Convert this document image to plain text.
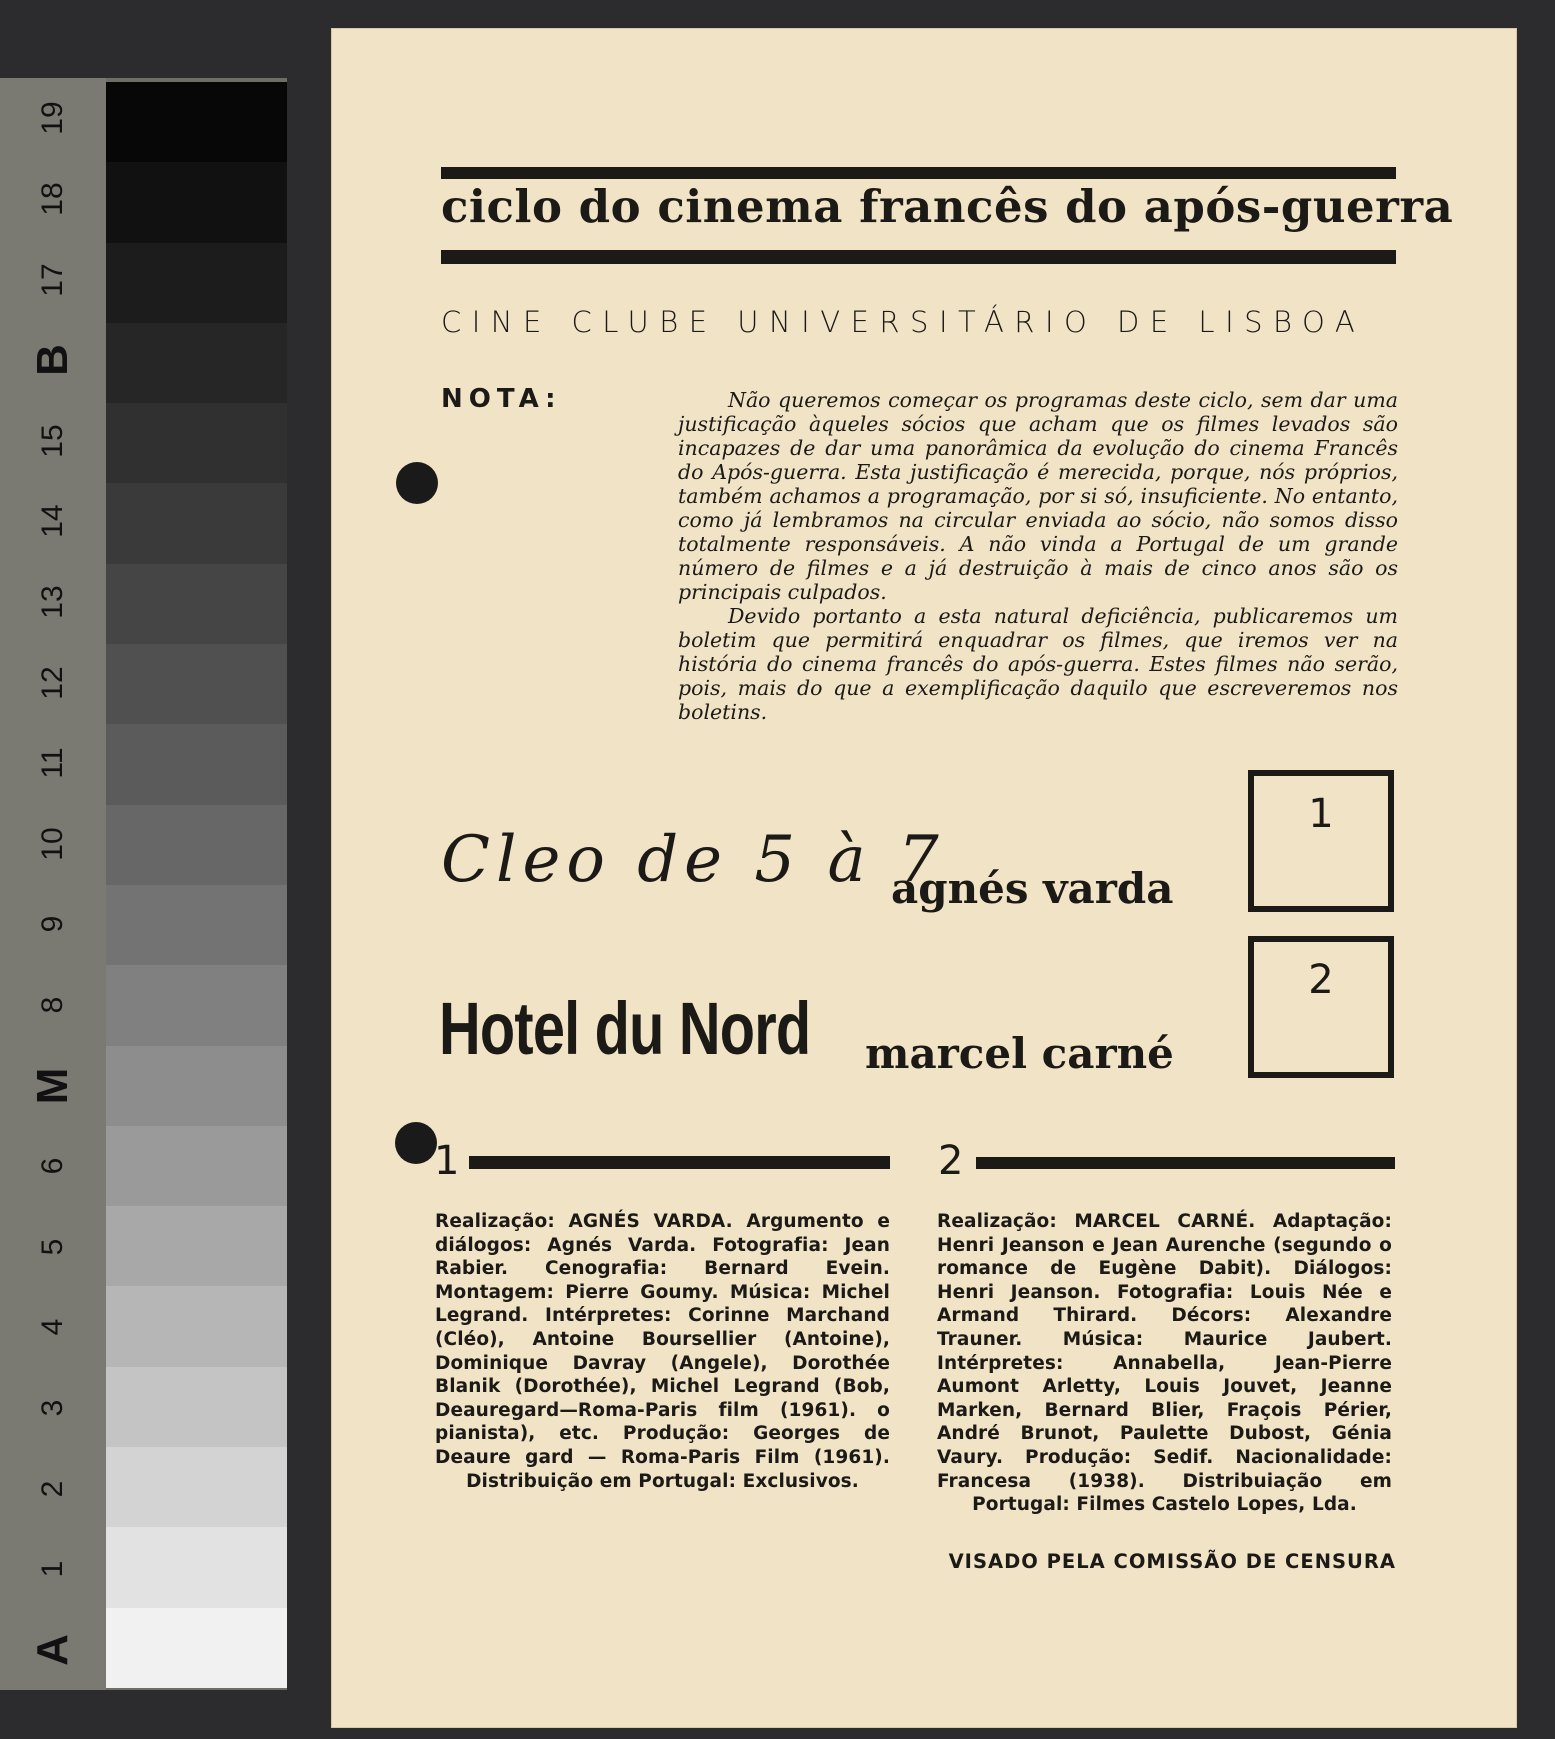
A
1
2
3
4
5
6
M
8
9
10
11
12
13
14
15
B
17
18
19
ciclo do cinema francês do após-guerra
CINE CLUBE UNIVERSITÁRIO DE LISBOA
NOTA:	Não queremos começar os programas deste ciclo, sem dar uma justificação àqueles sócios que acham que os filmes levados são incapazes de dar uma panorâmica da evolução do cinema Francês do Após-guerra. Esta justificação é merecida, porque, nós próprios, também achamos a programação, por si só, insuficiente. No entanto, como já lembramos na circular enviada ao sócio, não somos disso totalmente responsáveis. A não vinda a Portugal de um grande número de filmes e a já destruição à mais de cinco anos são os principais culpados.

Devido portanto a esta natural deficiência, publicaremos um boletim que permitirá enquadrar os filmes, que iremos ver na história do cinema francês do após-guerra. Estes filmes não serão, pois, mais do que a exemplificação daquilo que escreveremos nos boletins.

Cleo de 5 à 7
agnés varda
1
Hotel du Nord marcel carné
2
1
Realização: AGNÉS VARDA. Argumento e diálogos: Agnés Varda. Fotografia: Jean Rabier. Cenografia: Bernard Evein. Montagem: Pierre Goumy. Música: Michel Legrand. Intérpretes: Corinne Marchand (Cléo), Antoine Boursellier (Antoine), Dominique Davray (Angele), Dorothée Blanik (Dorothée), Michel Legrand (Bob, Deauregard—Roma-Paris film (1961). o pianista), etc. Produção: Georges de Deaure gard — Roma-Paris Film (1961). Distribuição em Portugal: Exclusivos.
2
Realização: MARCEL CARNÉ. Adaptação: Henri Jeanson e Jean Aurenche (segundo o romance de Eugène Dabit). Diálogos: Henri Jeanson. Fotografia: Louis Née e Armand Thirard. Décors: Alexandre Trauner. Música: Maurice Jaubert. Intérpretes: Annabella, Jean-Pierre Aumont Arletty, Louis Jouvet, Jeanne Marken, Bernard Blier, Fraçois Périer, André Brunot, Paulette Dubost, Génia Vaury. Produção: Sedif. Nacionalidade: Francesa (1938). Distribuiação em Portugal: Filmes Castelo Lopes, Lda.
VISADO PELA COMISSÃO DE CENSURA
